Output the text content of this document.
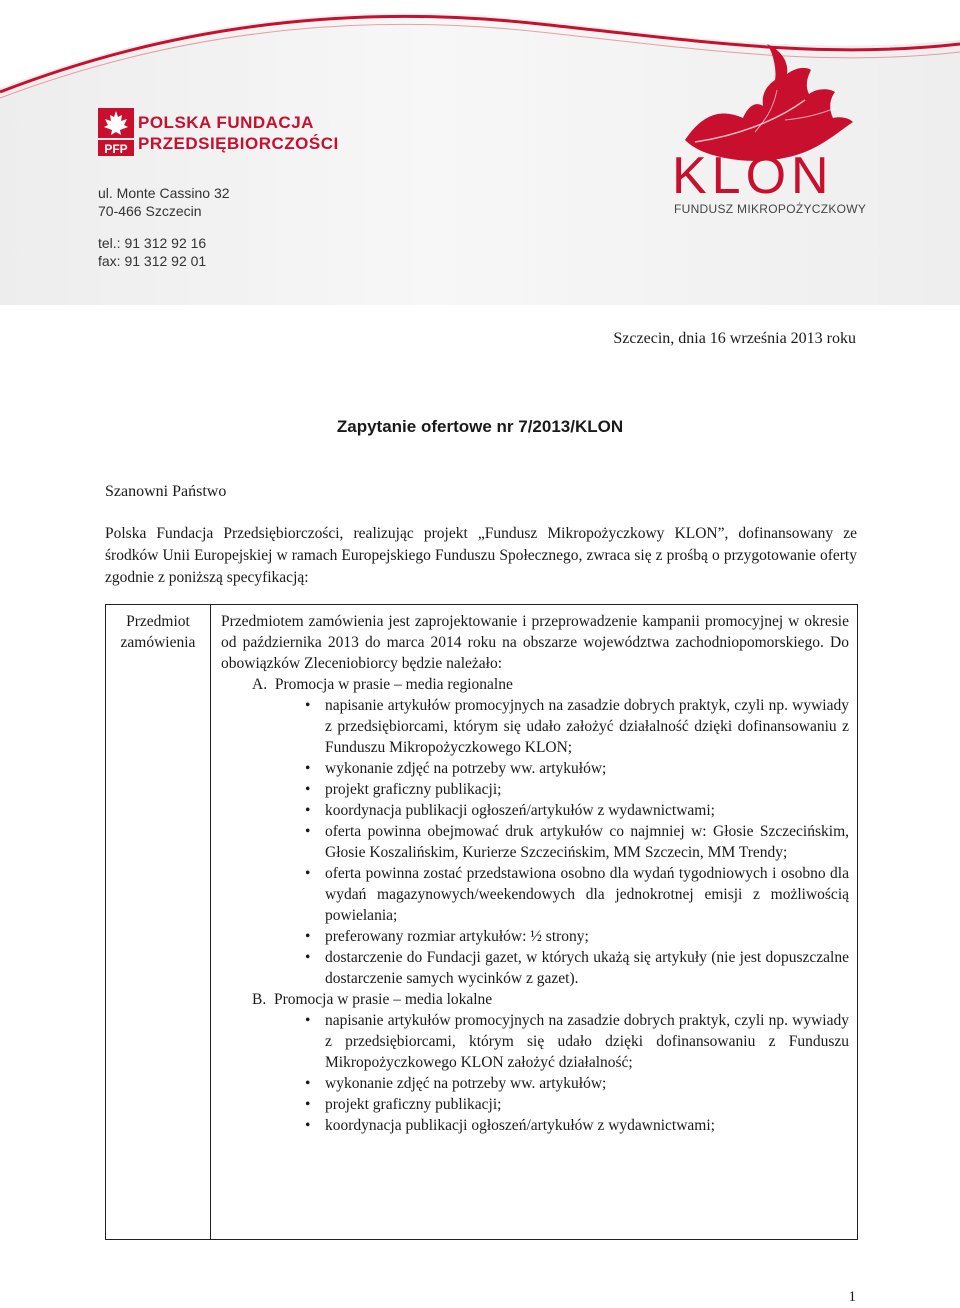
PFP
POLSKA FUNDACJA
PRZEDSIĘBIORCZOŚCI
ul. Monte Cassino 32
70-466 Szczecin
tel.: 91 312 92 16
fax: 91 312 92 01
KLON
FUNDUSZ MIKROPOŻYCZKOWY
Szczecin, dnia 16 września 2013 roku
Zapytanie ofertowe nr 7/2013/KLON
Szanowni Państwo
Polska Fundacja Przedsiębiorczości, realizując projekt „Fundusz Mikropożyczkowy KLON”, dofinansowany ze środków Unii Europejskiej w ramach Europejskiego Funduszu Społecznego, zwraca się z prośbą o przygotowanie oferty zgodnie z poniższą specyfikacją:
Przedmiot
zamówienia

Przedmiotem zamówienia jest zaprojektowanie i przeprowadzenie kampanii promocyjnej w okresie od października 2013 do marca 2014 roku na obszarze województwa zachodniopomorskiego. Do obowiązków Zleceniobiorcy będzie należało:

A.  Promocja w prasie – media regionalne

• napisanie artykułów promocyjnych na zasadzie dobrych praktyk, czyli np. wywiady z przedsiębiorcami, którym się udało założyć działalność dzięki dofinansowaniu z Funduszu Mikropożyczkowego KLON;
• wykonanie zdjęć na potrzeby ww. artykułów;
• projekt graficzny publikacji;
• koordynacja publikacji ogłoszeń/artykułów z wydawnictwami;
• oferta powinna obejmować druk artykułów co najmniej w: Głosie Szczecińskim, Głosie Koszalińskim, Kurierze Szczecińskim, MM Szczecin, MM Trendy;
• oferta powinna zostać przedstawiona osobno dla wydań tygodniowych i osobno dla wydań magazynowych/weekendowych dla jednokrotnej emisji z możliwością powielania;
• preferowany rozmiar artykułów: ½ strony;
• dostarczenie do Fundacji gazet, w których ukażą się artykuły (nie jest dopuszczalne dostarczenie samych wycinków z gazet).

B.  Promocja w prasie – media lokalne

• napisanie artykułów promocyjnych na zasadzie dobrych praktyk, czyli np. wywiady z przedsiębiorcami, którym się udało dzięki dofinansowaniu z Funduszu Mikropożyczkowego KLON założyć działalność;
• wykonanie zdjęć na potrzeby ww. artykułów;
• projekt graficzny publikacji;
• koordynacja publikacji ogłoszeń/artykułów z wydawnictwami;
1
